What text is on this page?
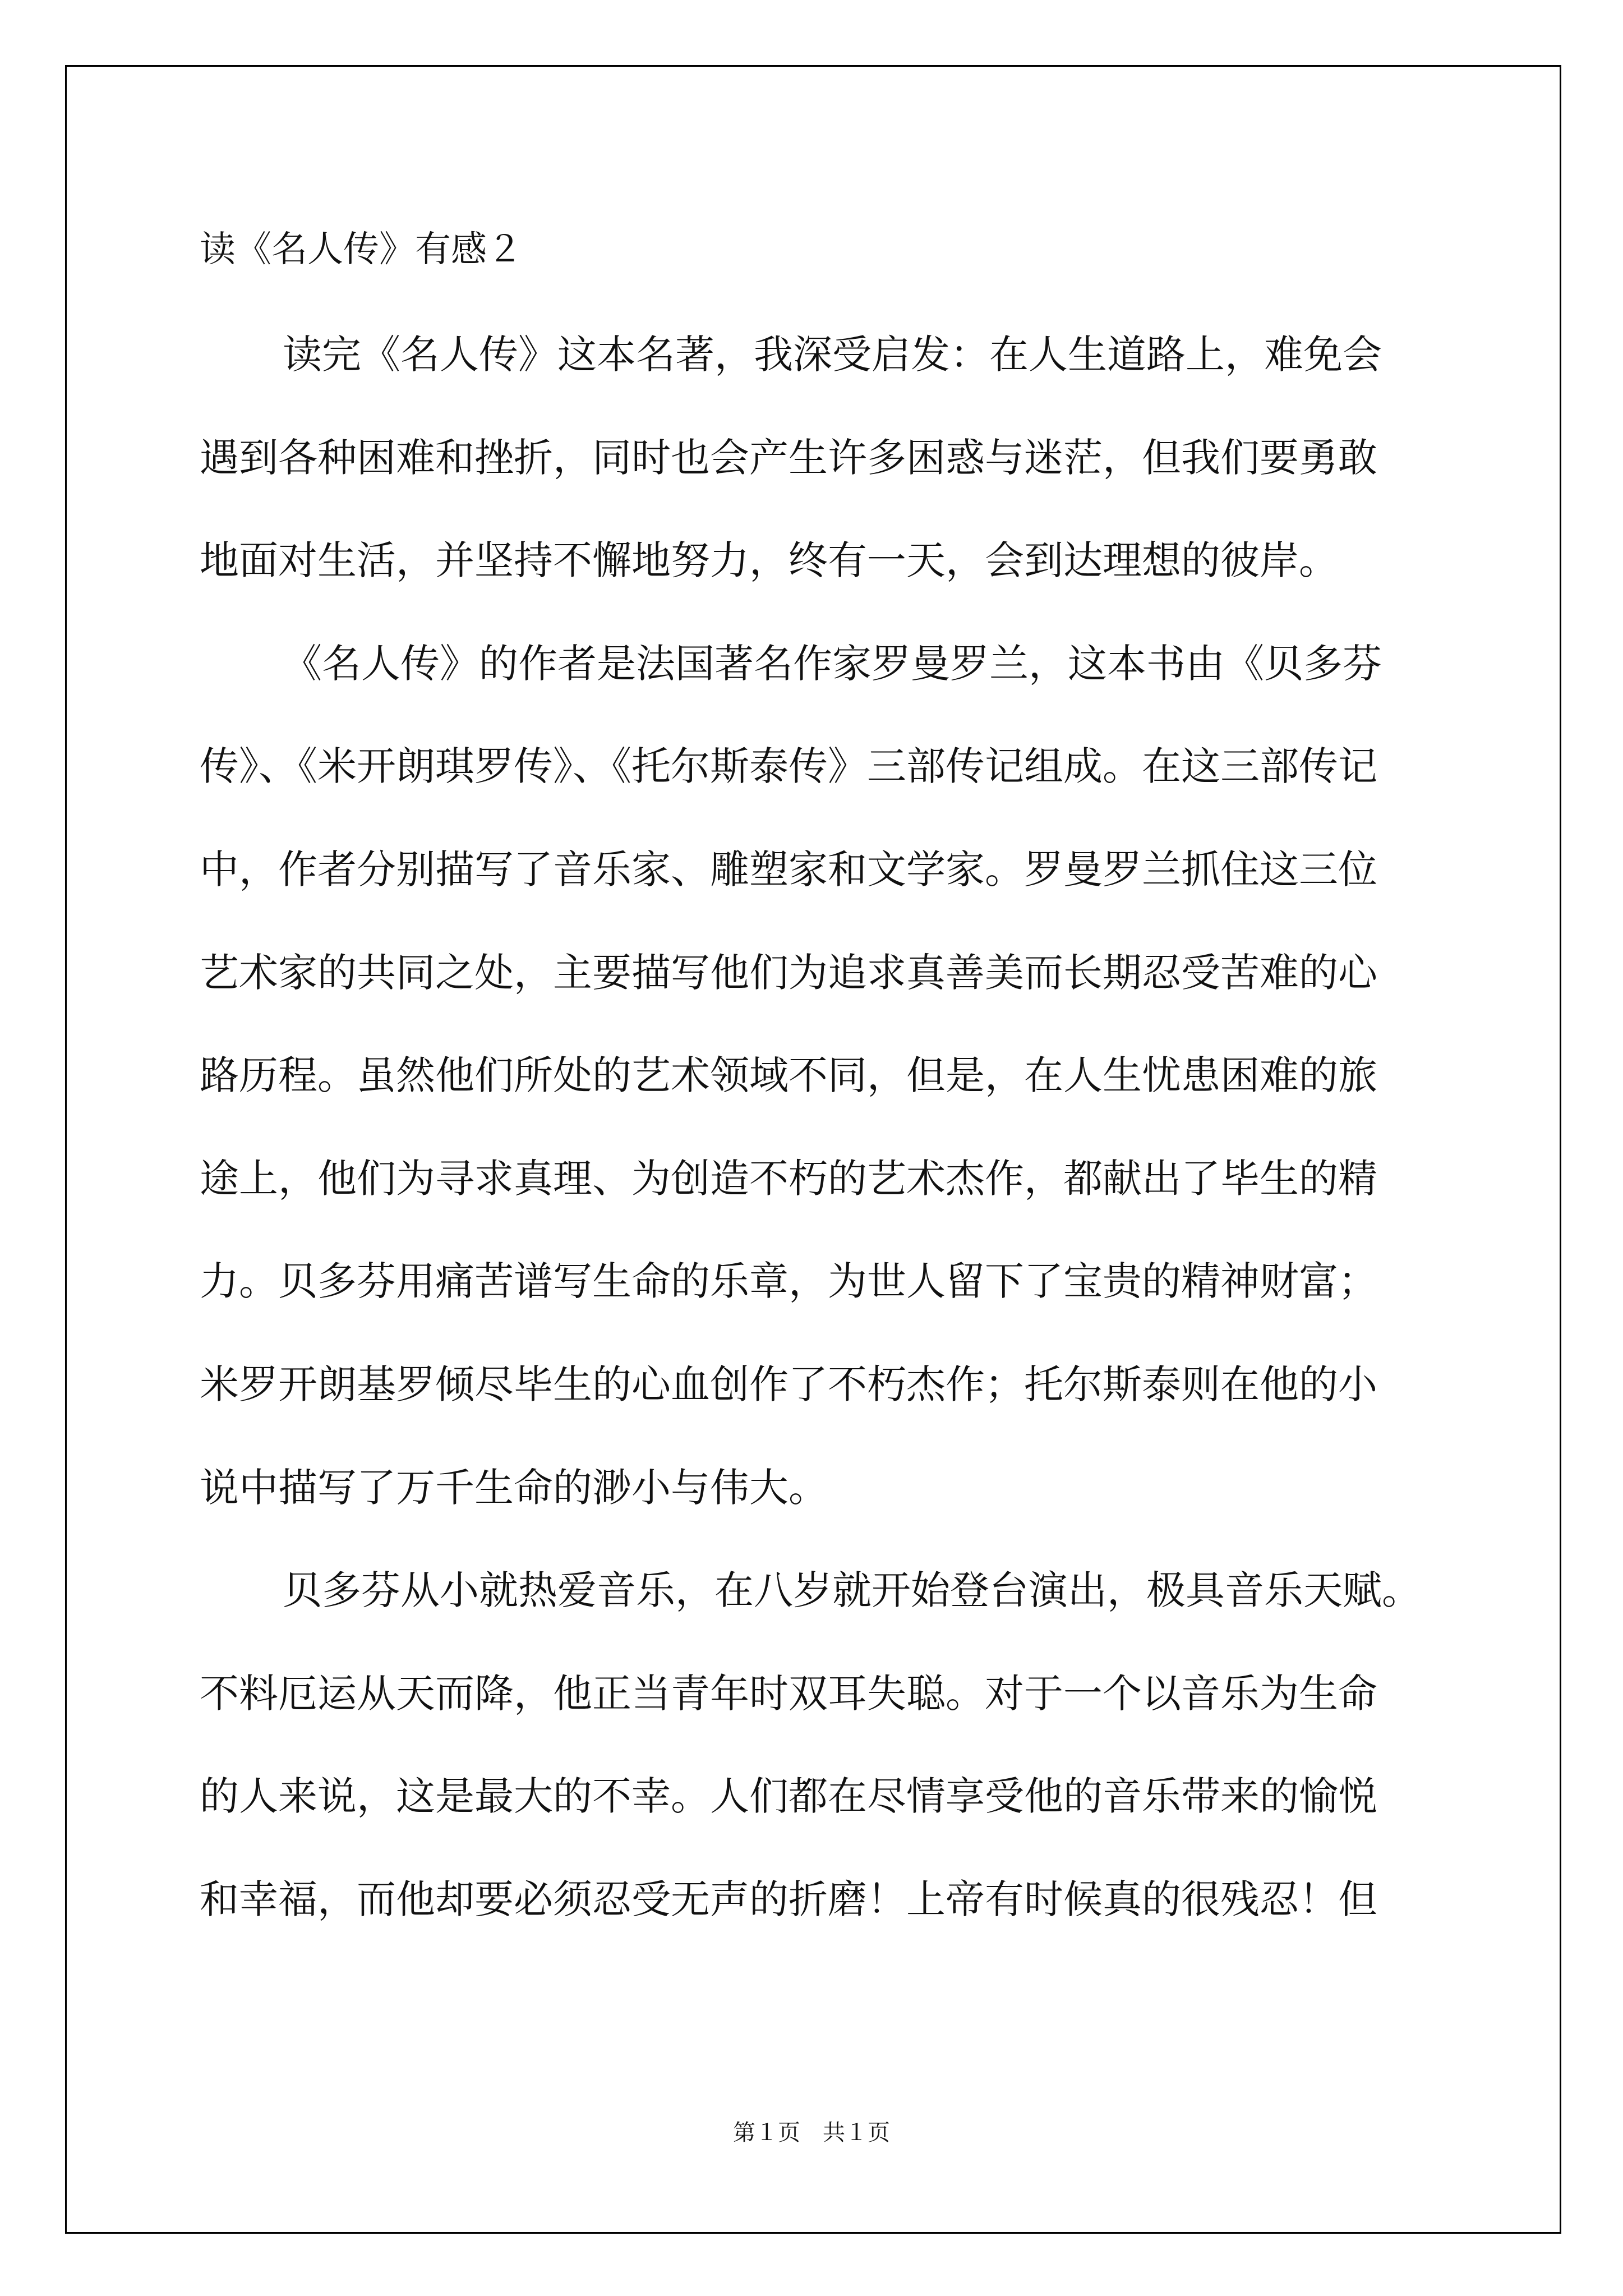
读《名人传》有感２
读完《名人传》这本名著，我深受启发：在人生道路上，难免会
遇到各种困难和挫折，同时也会产生许多困惑与迷茫，但我们要勇敢
地面对生活，并坚持不懈地努力，终有一天，会到达理想的彼岸。
《名人传》的作者是法国著名作家罗曼罗兰，这本书由《贝多芬
传》、《米开朗琪罗传》、《托尔斯泰传》三部传记组成。在这三部传记
中，作者分别描写了音乐家、雕塑家和文学家。罗曼罗兰抓住这三位
艺术家的共同之处，主要描写他们为追求真善美而长期忍受苦难的心
路历程。虽然他们所处的艺术领域不同，但是，在人生忧患困难的旅
途上，他们为寻求真理、为创造不朽的艺术杰作，都献出了毕生的精
力。贝多芬用痛苦谱写生命的乐章，为世人留下了宝贵的精神财富；
米罗开朗基罗倾尽毕生的心血创作了不朽杰作；托尔斯泰则在他的小
说中描写了万千生命的渺小与伟大。
贝多芬从小就热爱音乐，在八岁就开始登台演出，极具音乐天赋。
不料厄运从天而降，他正当青年时双耳失聪。对于一个以音乐为生命
的人来说，这是最大的不幸。人们都在尽情享受他的音乐带来的愉悦
和幸福，而他却要必须忍受无声的折磨！上帝有时候真的很残忍！但
第１页　共１页
